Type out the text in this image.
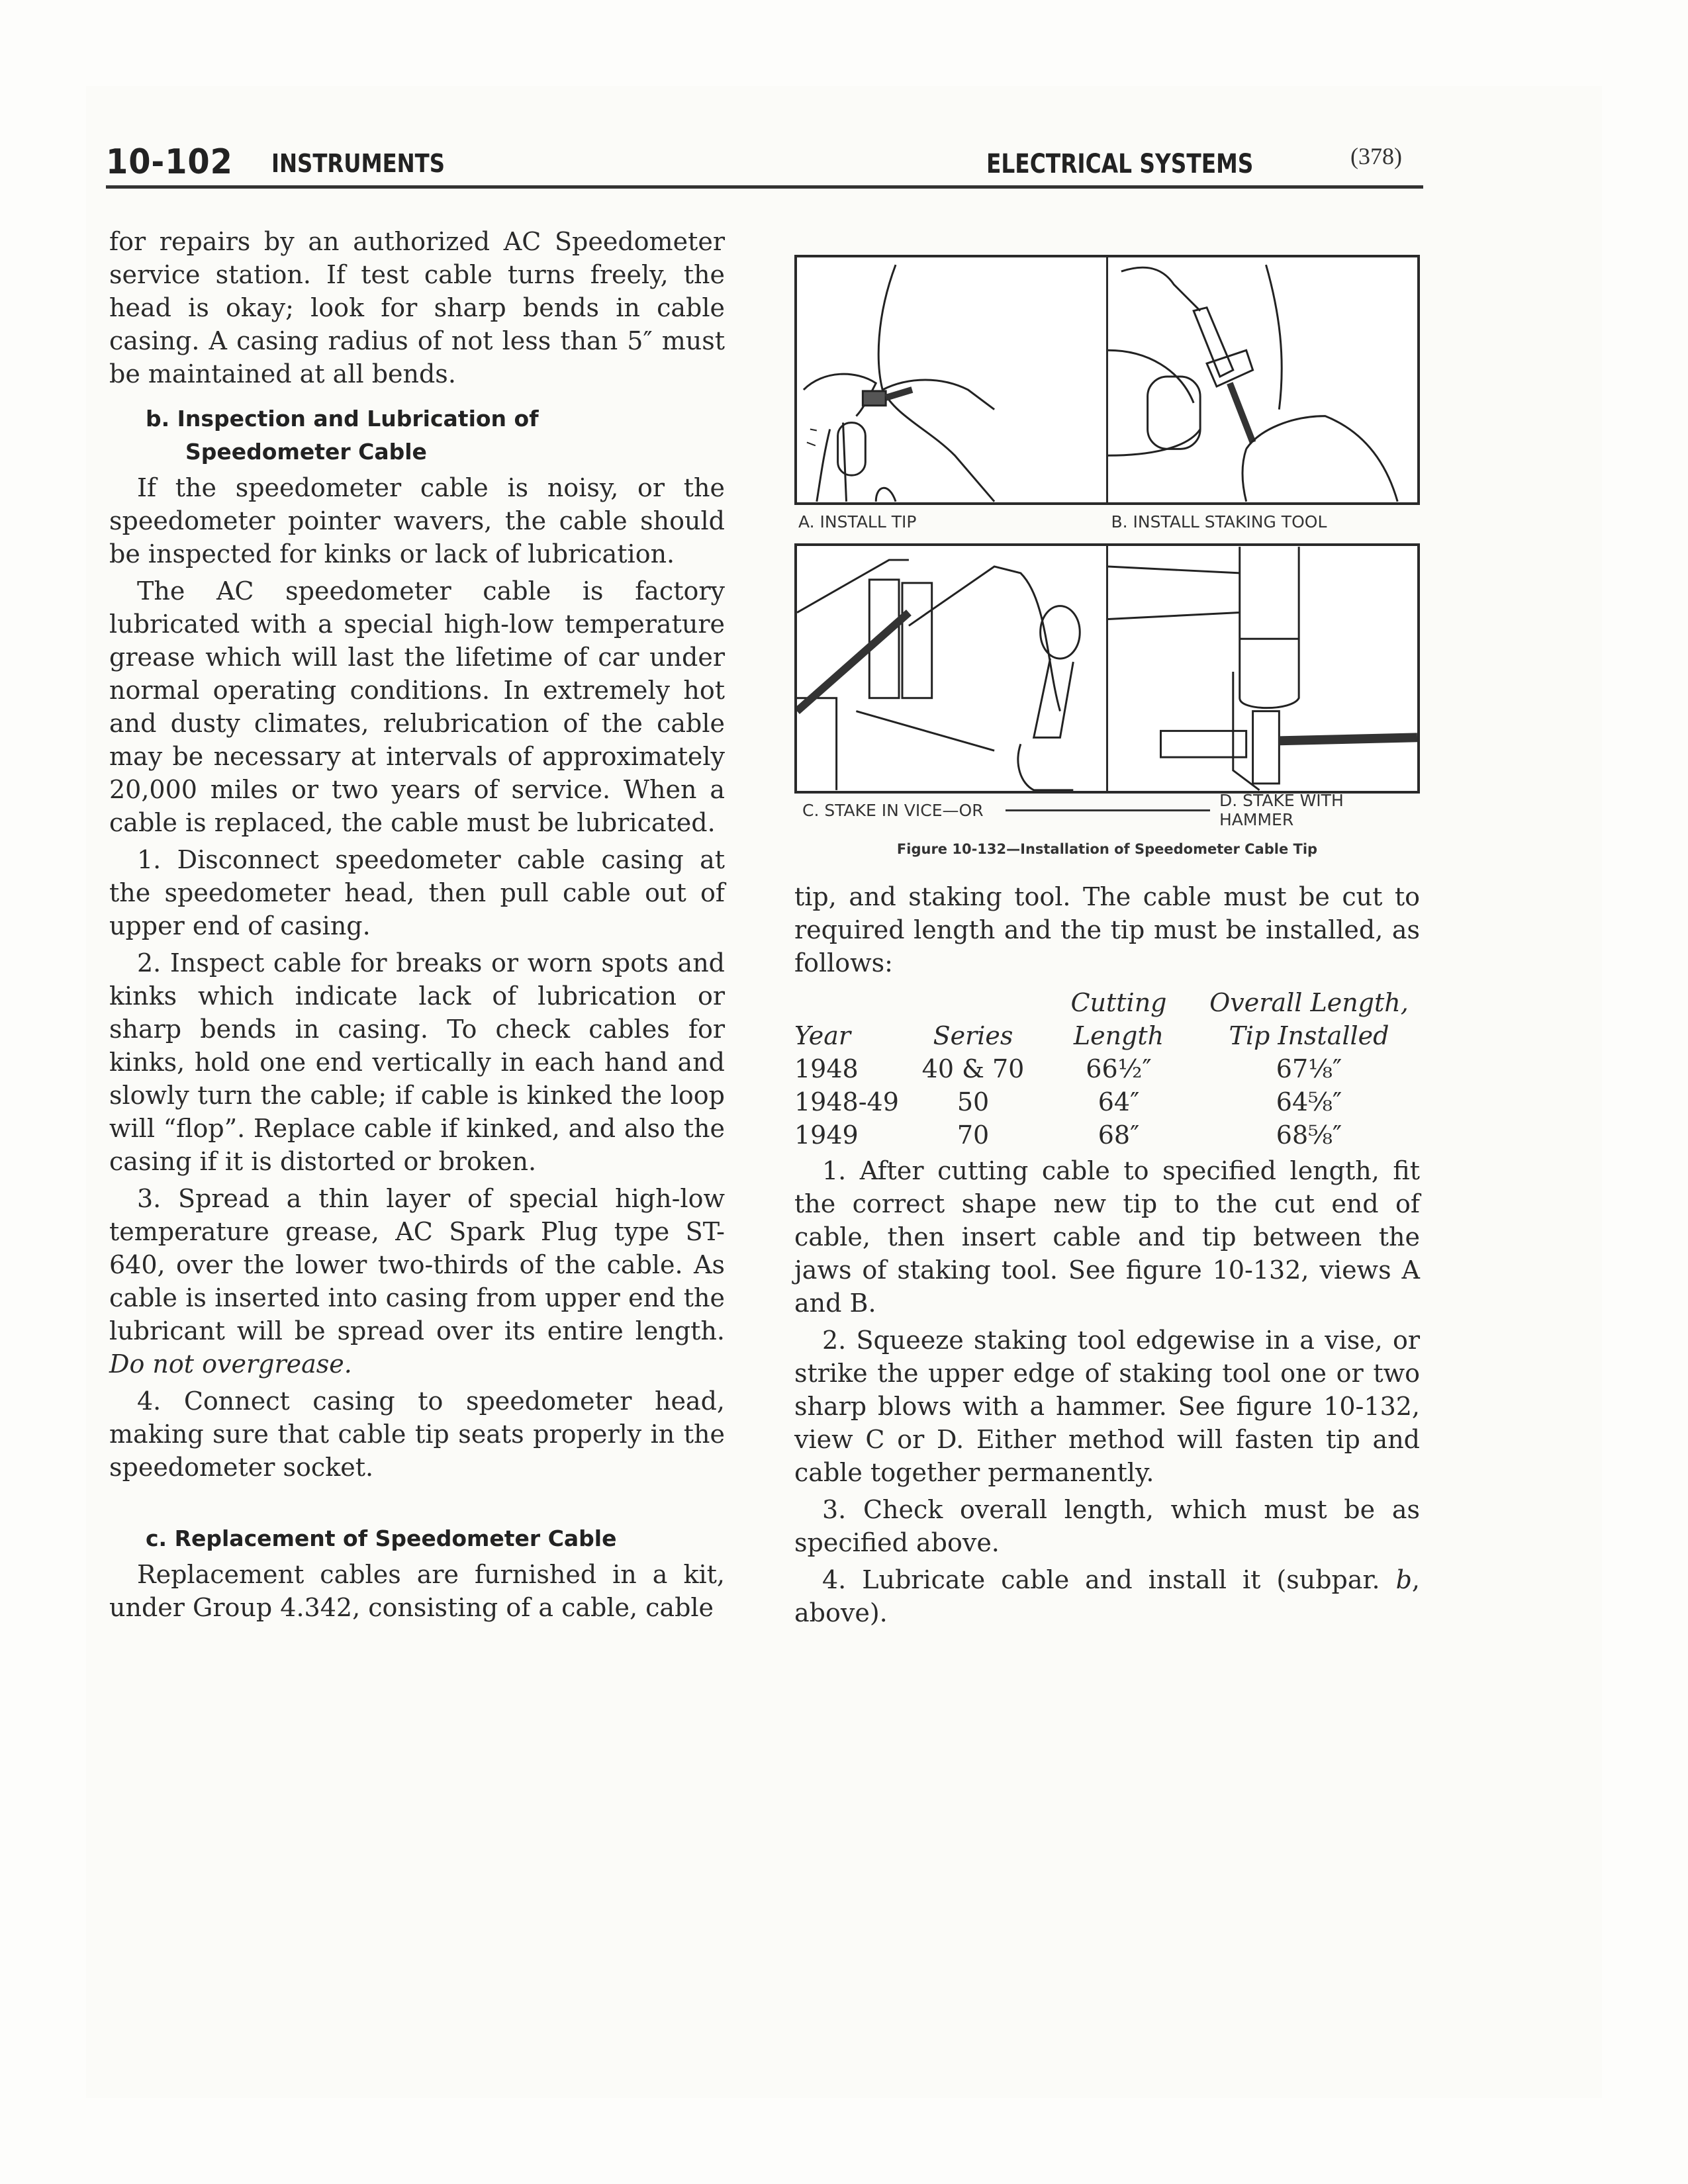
10-102 INSTRUMENTS	ELECTRICAL SYSTEMS	(378)

for repairs by an authorized AC Speedometer service station. If test cable turns freely, the head is okay; look for sharp bends in cable casing. A casing radius of not less than 5″ must be maintained at all bends.

b. Inspection and Lubrication of
Speedometer Cable

If the speedometer cable is noisy, or the speedometer pointer wavers, the cable should be inspected for kinks or lack of lubrication.

The AC speedometer cable is factory lubricated with a special high-low temperature grease which will last the lifetime of car under normal operating conditions. In extremely hot and dusty climates, relubrication of the cable may be necessary at intervals of approximately 20,000 miles or two years of service. When a cable is replaced, the cable must be lubricated.

1. Disconnect speedometer cable casing at the speedometer head, then pull cable out of upper end of casing.

2. Inspect cable for breaks or worn spots and kinks which indicate lack of lubrication or sharp bends in casing. To check cables for kinks, hold one end vertically in each hand and slowly turn the cable; if cable is kinked the loop will “flop”. Replace cable if kinked, and also the casing if it is distorted or broken.

3. Spread a thin layer of special high-low temperature grease, AC Spark Plug type ST-640, over the lower two-thirds of the cable. As cable is inserted into casing from upper end the lubricant will be spread over its entire length. Do not overgrease.

4. Connect casing to speedometer head, making sure that cable tip seats properly in the speedometer socket.

c. Replacement of Speedometer Cable

Replacement cables are furnished in a kit, under Group 4.342, consisting of a cable, cable

A. INSTALL TIP	B. INSTALL STAKING TOOL
C. STAKE IN VICE—OR	D. STAKE WITH HAMMER
Figure 10-132—Installation of Speedometer Cable Tip

tip, and staking tool. The cable must be cut to required length and the tip must be installed, as follows:

		Cutting	Overall Length,
Year	Series	Length	Tip Installed
1948	40 & 70	66½″	67⅛″
1948-49	50	64″	64⅝″
1949	70	68″	68⅝″

1. After cutting cable to specified length, fit the correct shape new tip to the cut end of cable, then insert cable and tip between the jaws of staking tool. See figure 10-132, views A and B.

2. Squeeze staking tool edgewise in a vise, or strike the upper edge of staking tool one or two sharp blows with a hammer. See figure 10-132, view C or D. Either method will fasten tip and cable together permanently.

3. Check overall length, which must be as specified above.

4. Lubricate cable and install it (subpar. b, above).
